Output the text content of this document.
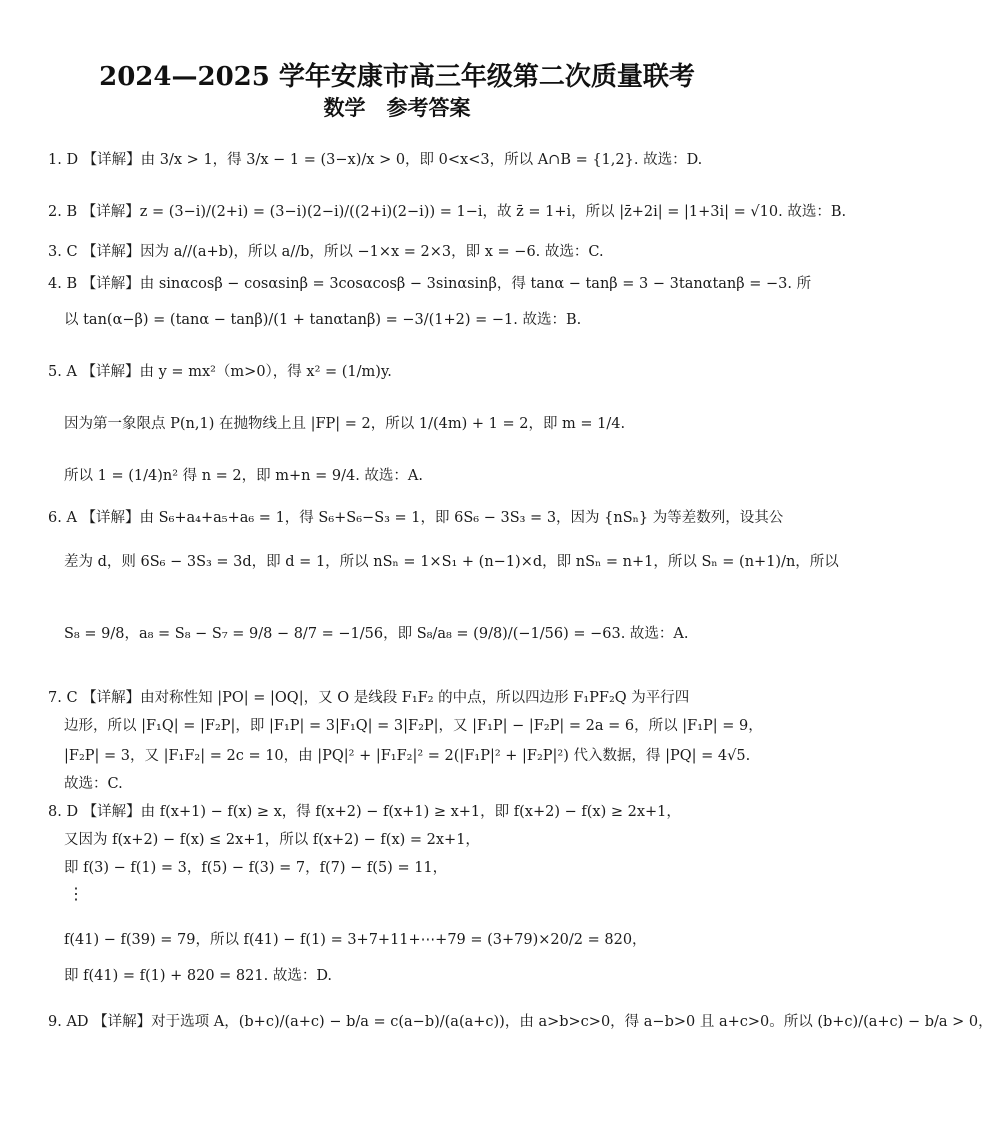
2024—2025 学年安康市高三年级第二次质量联考
数学　参考答案
1. D 【详解】由 3/x > 1，得 3/x − 1 = (3−x)/x > 0，即 0<x<3，所以 A∩B = {1,2}. 故选：D.
2. B 【详解】z = (3−i)/(2+i) = (3−i)(2−i)/((2+i)(2−i)) = 1−i，故 z̄ = 1+i，所以 |z̄+2i| = |1+3i| = √10. 故选：B.
3. C 【详解】因为 a//(a+b)，所以 a//b，所以 −1×x = 2×3，即 x = −6. 故选：C.
4. B 【详解】由 sinαcosβ − cosαsinβ = 3cosαcosβ − 3sinαsinβ，得 tanα − tanβ = 3 − 3tanαtanβ = −3. 所
以 tan(α−β) = (tanα − tanβ)/(1 + tanαtanβ) = −3/(1+2) = −1. 故选：B.
5. A 【详解】由 y = mx²（m>0），得 x² = (1/m)y.
因为第一象限点 P(n,1) 在抛物线上且 |FP| = 2，所以 1/(4m) + 1 = 2，即 m = 1/4.
所以 1 = (1/4)n² 得 n = 2，即 m+n = 9/4. 故选：A.
6. A 【详解】由 S₆+a₄+a₅+a₆ = 1，得 S₆+S₆−S₃ = 1，即 6S₆ − 3S₃ = 3，因为 {nSₙ} 为等差数列，设其公
差为 d，则 6S₆ − 3S₃ = 3d，即 d = 1，所以 nSₙ = 1×S₁ + (n−1)×d，即 nSₙ = n+1，所以 Sₙ = (n+1)/n，所以
S₈ = 9/8，a₈ = S₈ − S₇ = 9/8 − 8/7 = −1/56，即 S₈/a₈ = (9/8)/(−1/56) = −63. 故选：A.
7. C 【详解】由对称性知 |PO| = |OQ|，又 O 是线段 F₁F₂ 的中点，所以四边形 F₁PF₂Q 为平行四
边形，所以 |F₁Q| = |F₂P|，即 |F₁P| = 3|F₁Q| = 3|F₂P|，又 |F₁P| − |F₂P| = 2a = 6，所以 |F₁P| = 9，
|F₂P| = 3，又 |F₁F₂| = 2c = 10，由 |PQ|² + |F₁F₂|² = 2(|F₁P|² + |F₂P|²) 代入数据，得 |PQ| = 4√5.
故选：C.
8. D 【详解】由 f(x+1) − f(x) ≥ x，得 f(x+2) − f(x+1) ≥ x+1，即 f(x+2) − f(x) ≥ 2x+1，
又因为 f(x+2) − f(x) ≤ 2x+1，所以 f(x+2) − f(x) = 2x+1，
即 f(3) − f(1) = 3，f(5) − f(3) = 7，f(7) − f(5) = 11，
⋮
f(41) − f(39) = 79，所以 f(41) − f(1) = 3+7+11+⋯+79 = (3+79)×20/2 = 820，
即 f(41) = f(1) + 820 = 821. 故选：D.
9. AD 【详解】对于选项 A，(b+c)/(a+c) − b/a = c(a−b)/(a(a+c))，由 a>b>c>0，得 a−b>0 且 a+c>0。所以 (b+c)/(a+c) − b/a > 0，
